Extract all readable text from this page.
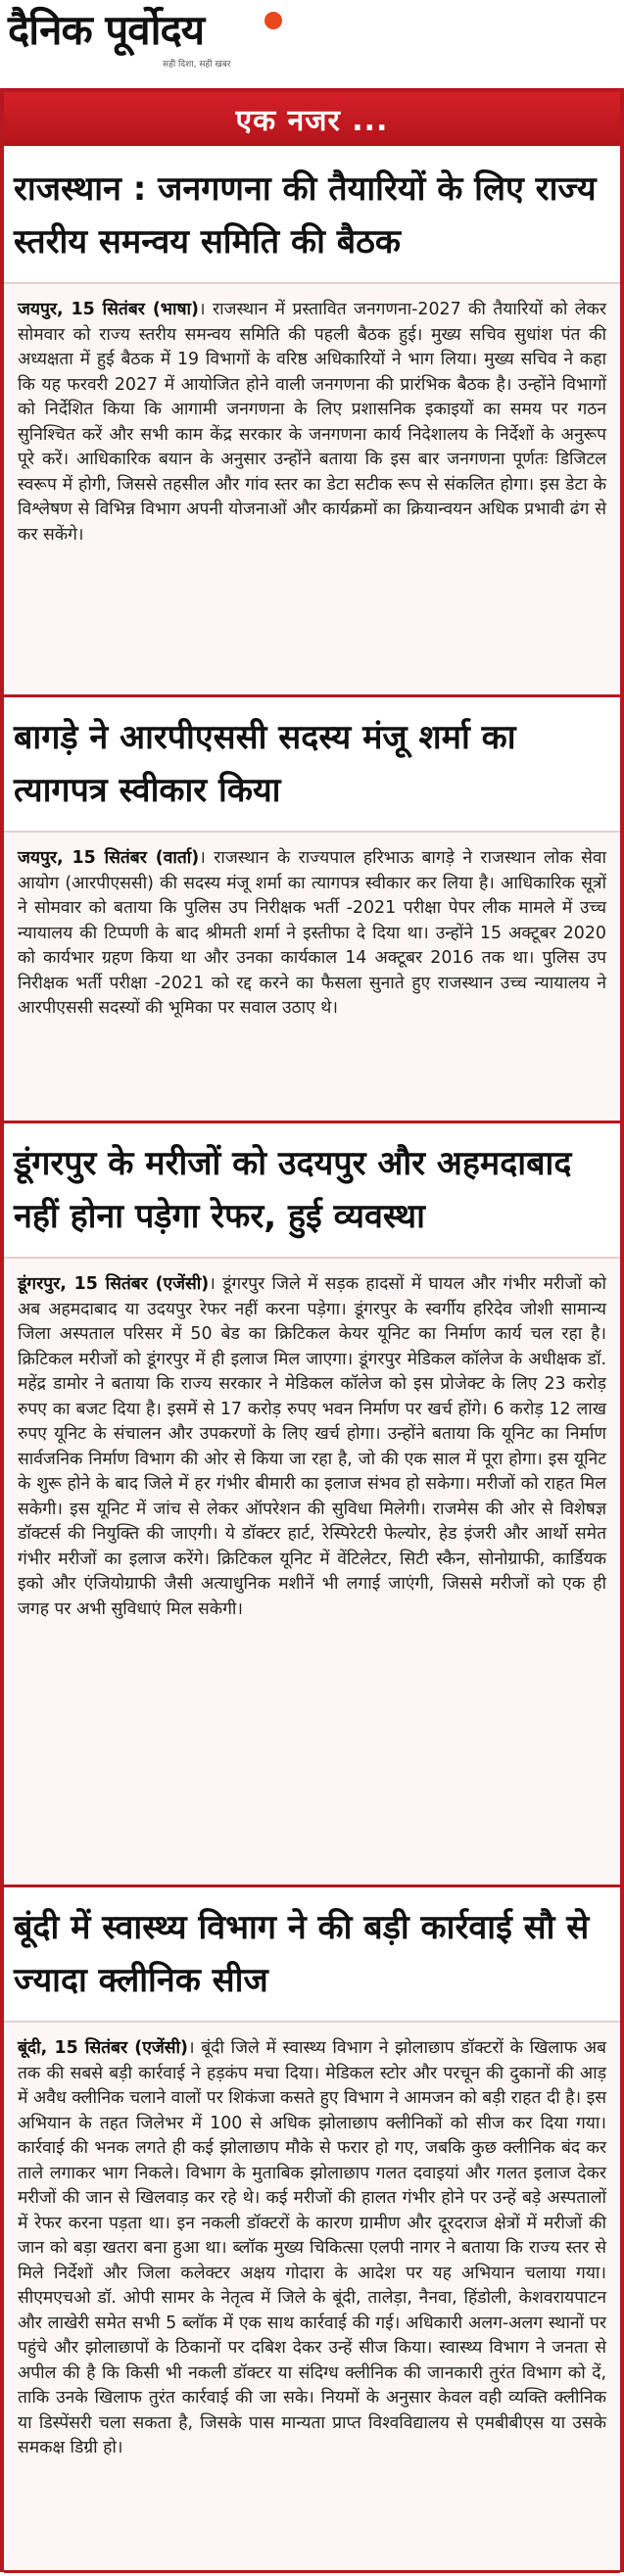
दैनिक पूर्वोदय
सही दिशा, सही खबर
एक नजर ...
राजस्थान : जनगणना की तैयारियों के लिए राज्य स्तरीय समन्वय समिति की बैठक

जयपुर, 15 सितंबर (भाषा)। राजस्थान में प्रस्तावित जनगणना-2027 की तैयारियों को लेकर सोमवार को राज्य स्तरीय समन्वय समिति की पहली बैठक हुई। मुख्य सचिव सुधांश पंत की अध्यक्षता में हुई बैठक में 19 विभागों के वरिष्ठ अधिकारियों ने भाग लिया। मुख्य सचिव ने कहा कि यह फरवरी 2027 में आयोजित होने वाली जनगणना की प्रारंभिक बैठक है। उन्होंने विभागों को निर्देशित किया कि आगामी जनगणना के लिए प्रशासनिक इकाइयों का समय पर गठन सुनिश्चित करें और सभी काम केंद्र सरकार के जनगणना कार्य निदेशालय के निर्देशों के अनुरूप पूरे करें। आधिकारिक बयान के अनुसार उन्होंने बताया कि इस बार जनगणना पूर्णतः डिजिटल स्वरूप में होगी, जिससे तहसील और गांव स्तर का डेटा सटीक रूप से संकलित होगा। इस डेटा के विश्लेषण से विभिन्न विभाग अपनी योजनाओं और कार्यक्रमों का क्रियान्वयन अधिक प्रभावी ढंग से कर सकेंगे।

बागड़े ने आरपीएससी सदस्य मंजू शर्मा का त्यागपत्र स्वीकार किया

जयपुर, 15 सितंबर (वार्ता)। राजस्थान के राज्यपाल हरिभाऊ बागड़े ने राजस्थान लोक सेवा आयोग (आरपीएससी) की सदस्य मंजू शर्मा का त्यागपत्र स्वीकार कर लिया है। आधिकारिक सूत्रों ने सोमवार को बताया कि पुलिस उप निरीक्षक भर्ती -2021 परीक्षा पेपर लीक मामले में उच्च न्यायालय की टिप्पणी के बाद श्रीमती शर्मा ने इस्तीफा दे दिया था। उन्होंने 15 अक्टूबर 2020 को कार्यभार ग्रहण किया था और उनका कार्यकाल 14 अक्टूबर 2016 तक था। पुलिस उप निरीक्षक भर्ती परीक्षा -2021 को रद्द करने का फैसला सुनाते हुए राजस्थान उच्च न्यायालय ने आरपीएससी सदस्यों की भूमिका पर सवाल उठाए थे।

डूंगरपुर के मरीजों को उदयपुर और अहमदाबाद नहीं होना पड़ेगा रेफर, हुई व्यवस्था

डूंगरपुर, 15 सितंबर (एजेंसी)। डूंगरपुर जिले में सड़क हादसों में घायल और गंभीर मरीजों को अब अहमदाबाद या उदयपुर रेफर नहीं करना पड़ेगा। डूंगरपुर के स्वर्गीय हरिदेव जोशी सामान्य जिला अस्पताल परिसर में 50 बेड का क्रिटिकल केयर यूनिट का निर्माण कार्य चल रहा है। क्रिटिकल मरीजों को डूंगरपुर में ही इलाज मिल जाएगा। डूंगरपुर मेडिकल कॉलेज के अधीक्षक डॉ. महेंद्र डामोर ने बताया कि राज्य सरकार ने मेडिकल कॉलेज को इस प्रोजेक्ट के लिए 23 करोड़ रुपए का बजट दिया है। इसमें से 17 करोड़ रुपए भवन निर्माण पर खर्च होंगे। 6 करोड़ 12 लाख रुपए यूनिट के संचालन और उपकरणों के लिए खर्च होगा। उन्होंने बताया कि यूनिट का निर्माण सार्वजनिक निर्माण विभाग की ओर से किया जा रहा है, जो की एक साल में पूरा होगा। इस यूनिट के शुरू होने के बाद जिले में हर गंभीर बीमारी का इलाज संभव हो सकेगा। मरीजों को राहत मिल सकेगी। इस यूनिट में जांच से लेकर ऑपरेशन की सुविधा मिलेगी। राजमेस की ओर से विशेषज्ञ डॉक्टर्स की नियुक्ति की जाएगी। ये डॉक्टर हार्ट, रेस्पिरेटरी फेल्योर, हेड इंजरी और आर्थो समेत गंभीर मरीजों का इलाज करेंगे। क्रिटिकल यूनिट में वेंटिलेटर, सिटी स्कैन, सोनोग्राफी, कार्डियक इको और एंजियोग्राफी जैसी अत्याधुनिक मशीनें भी लगाई जाएंगी, जिससे मरीजों को एक ही जगह पर अभी सुविधाएं मिल सकेगी।

बूंदी में स्वास्थ्य विभाग ने की बड़ी कार्रवाई सौ से ज्यादा क्लीनिक सीज

बूंदी, 15 सितंबर (एजेंसी)। बूंदी जिले में स्वास्थ्य विभाग ने झोलाछाप डॉक्टरों के खिलाफ अब तक की सबसे बड़ी कार्रवाई ने हड़कंप मचा दिया। मेडिकल स्टोर और परचून की दुकानों की आड़ में अवैध क्लीनिक चलाने वालों पर शिकंजा कसते हुए विभाग ने आमजन को बड़ी राहत दी है। इस अभियान के तहत जिलेभर में 100 से अधिक झोलाछाप क्लीनिकों को सीज कर दिया गया। कार्रवाई की भनक लगते ही कई झोलाछाप मौके से फरार हो गए, जबकि कुछ क्लीनिक बंद कर ताले लगाकर भाग निकले। विभाग के मुताबिक झोलाछाप गलत दवाइयां और गलत इलाज देकर मरीजों की जान से खिलवाड़ कर रहे थे। कई मरीजों की हालत गंभीर होने पर उन्हें बड़े अस्पतालों में रेफर करना पड़ता था। इन नकली डॉक्टरों के कारण ग्रामीण और दूरदराज क्षेत्रों में मरीजों की जान को बड़ा खतरा बना हुआ था। ब्लॉक मुख्य चिकित्सा एलपी नागर ने बताया कि राज्य स्तर से मिले निर्देशों और जिला कलेक्टर अक्षय गोदारा के आदेश पर यह अभियान चलाया गया। सीएमएचओ डॉ. ओपी सामर के नेतृत्व में जिले के बूंदी, तालेड़ा, नैनवा, हिंडोली, केशवरायपाटन और लाखेरी समेत सभी 5 ब्लॉक में एक साथ कार्रवाई की गई। अधिकारी अलग-अलग स्थानों पर पहुंचे और झोलाछापों के ठिकानों पर दबिश देकर उन्हें सीज किया। स्वास्थ्य विभाग ने जनता से अपील की है कि किसी भी नकली डॉक्टर या संदिग्ध क्लीनिक की जानकारी तुरंत विभाग को दें, ताकि उनके खिलाफ तुरंत कार्रवाई की जा सके। नियमों के अनुसार केवल वही व्यक्ति क्लीनिक या डिस्पेंसरी चला सकता है, जिसके पास मान्यता प्राप्त विश्वविद्यालय से एमबीबीएस या उसके समकक्ष डिग्री हो।
